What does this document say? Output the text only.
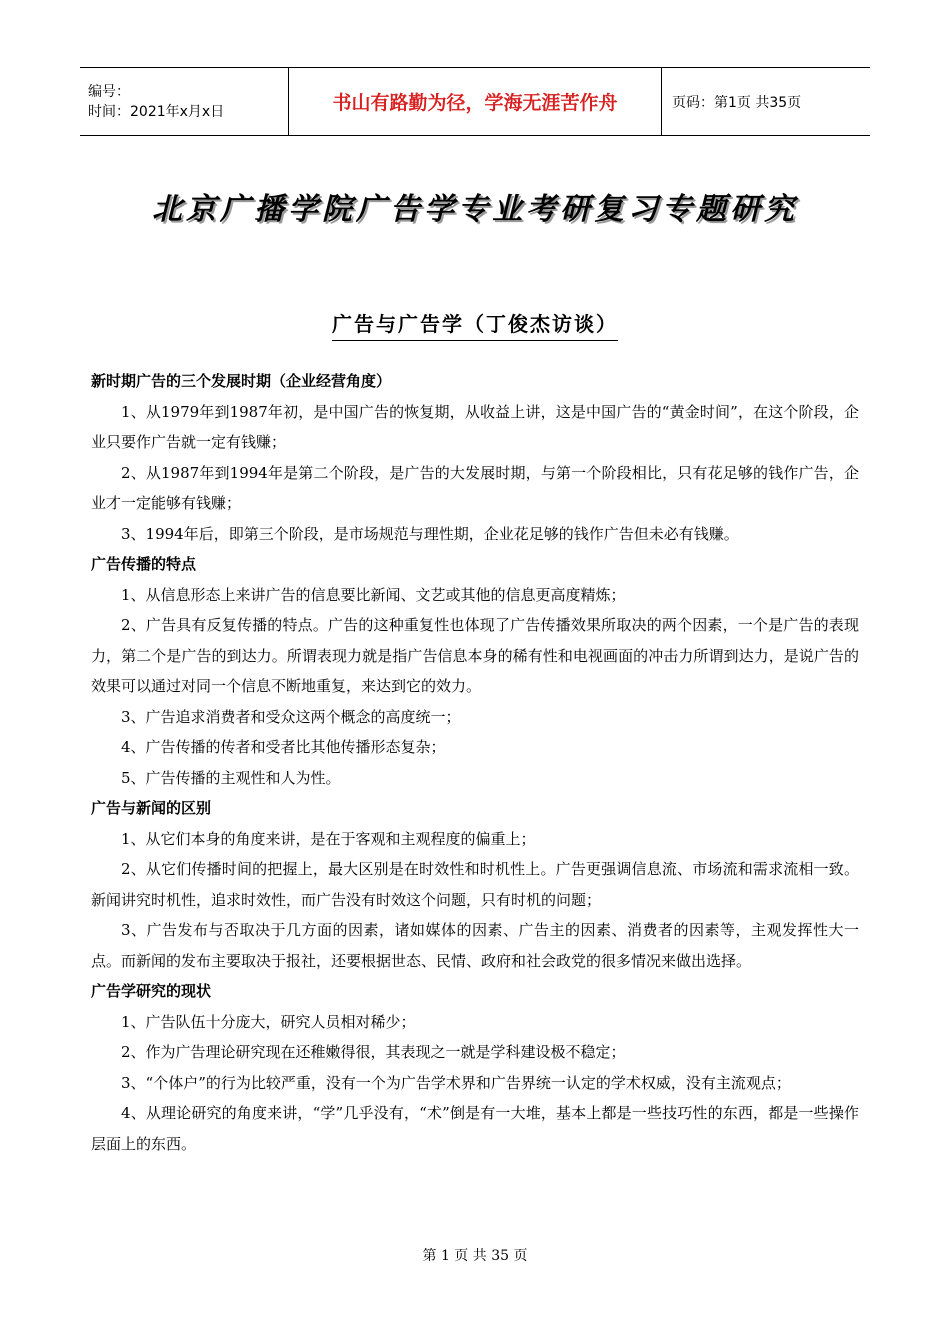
编号：
时间：2021年x月x日	书山有路勤为径，学海无涯苦作舟	页码：第1页 共35页
北京广播学院广告学专业考研复习专题研究
广告与广告学（丁俊杰访谈）
新时期广告的三个发展时期（企业经营角度）

1、从1979年到1987年初，是中国广告的恢复期，从收益上讲，这是中国广告的“黄金时间”，在这个阶段，企业只要作广告就一定有钱赚；

2、从1987年到1994年是第二个阶段，是广告的大发展时期，与第一个阶段相比，只有花足够的钱作广告，企业才一定能够有钱赚；

3、1994年后，即第三个阶段，是市场规范与理性期，企业花足够的钱作广告但未必有钱赚。

广告传播的特点

1、从信息形态上来讲广告的信息要比新闻、文艺或其他的信息更高度精炼；

2、广告具有反复传播的特点。广告的这种重复性也体现了广告传播效果所取决的两个因素，一个是广告的表现力，第二个是广告的到达力。所谓表现力就是指广告信息本身的稀有性和电视画面的冲击力所谓到达力，是说广告的效果可以通过对同一个信息不断地重复，来达到它的效力。

3、广告追求消费者和受众这两个概念的高度统一；

4、广告传播的传者和受者比其他传播形态复杂；

5、广告传播的主观性和人为性。

广告与新闻的区别

1、从它们本身的角度来讲，是在于客观和主观程度的偏重上；

2、从它们传播时间的把握上，最大区别是在时效性和时机性上。广告更强调信息流、市场流和需求流相一致。新闻讲究时机性，追求时效性，而广告没有时效这个问题，只有时机的问题；

3、广告发布与否取决于几方面的因素，诸如媒体的因素、广告主的因素、消费者的因素等，主观发挥性大一点。而新闻的发布主要取决于报社，还要根据世态、民情、政府和社会政党的很多情况来做出选择。

广告学研究的现状

1、广告队伍十分庞大，研究人员相对稀少；

2、作为广告理论研究现在还稚嫩得很，其表现之一就是学科建设极不稳定；

3、“个体户”的行为比较严重，没有一个为广告学术界和广告界统一认定的学术权威，没有主流观点；

4、从理论研究的角度来讲，“学”几乎没有，“术”倒是有一大堆，基本上都是一些技巧性的东西，都是一些操作层面上的东西。

第 1 页 共 35 页
